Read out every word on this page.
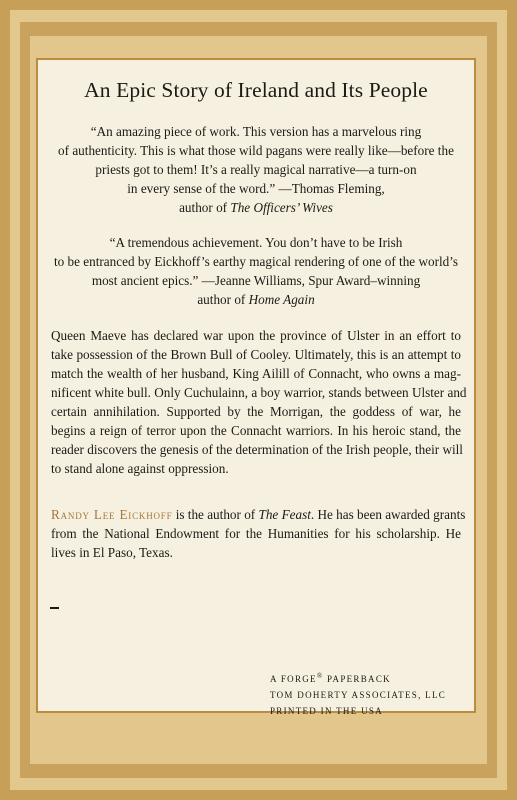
An Epic Story of Ireland and Its People
“An amazing piece of work. This version has a marvelous ring
of authenticity. This is what those wild pagans were really like—before the
priests got to them! It’s a really magical narrative—a turn-on
in every sense of the word.” —Thomas Fleming,
author of The Officers’ Wives
“A tremendous achievement. You don’t have to be Irish
to be entranced by Eickhoff’s earthy magical rendering of one of the world’s
most ancient epics.” —Jeanne Williams, Spur Award–winning
author of Home Again
Queen Maeve has declared war upon the province of Ulster in an effort to
take possession of the Brown Bull of Cooley. Ultimately, this is an attempt to
match the wealth of her husband, King Ailill of Connacht, who owns a mag-
nificent white bull. Only Cuchulainn, a boy warrior, stands between Ulster and
certain annihilation. Supported by the Morrigan, the goddess of war, he
begins a reign of terror upon the Connacht warriors. In his heroic stand, the
reader discovers the genesis of the determination of the Irish people, their will
to stand alone against oppression.
Randy Lee Eickhoff is the author of The Feast. He has been awarded grants
from the National Endowment for the Humanities for his scholarship. He
lives in El Paso, Texas.
A FORGE® PAPERBACK
TOM DOHERTY ASSOCIATES, LLC
PRINTED IN THE USA
